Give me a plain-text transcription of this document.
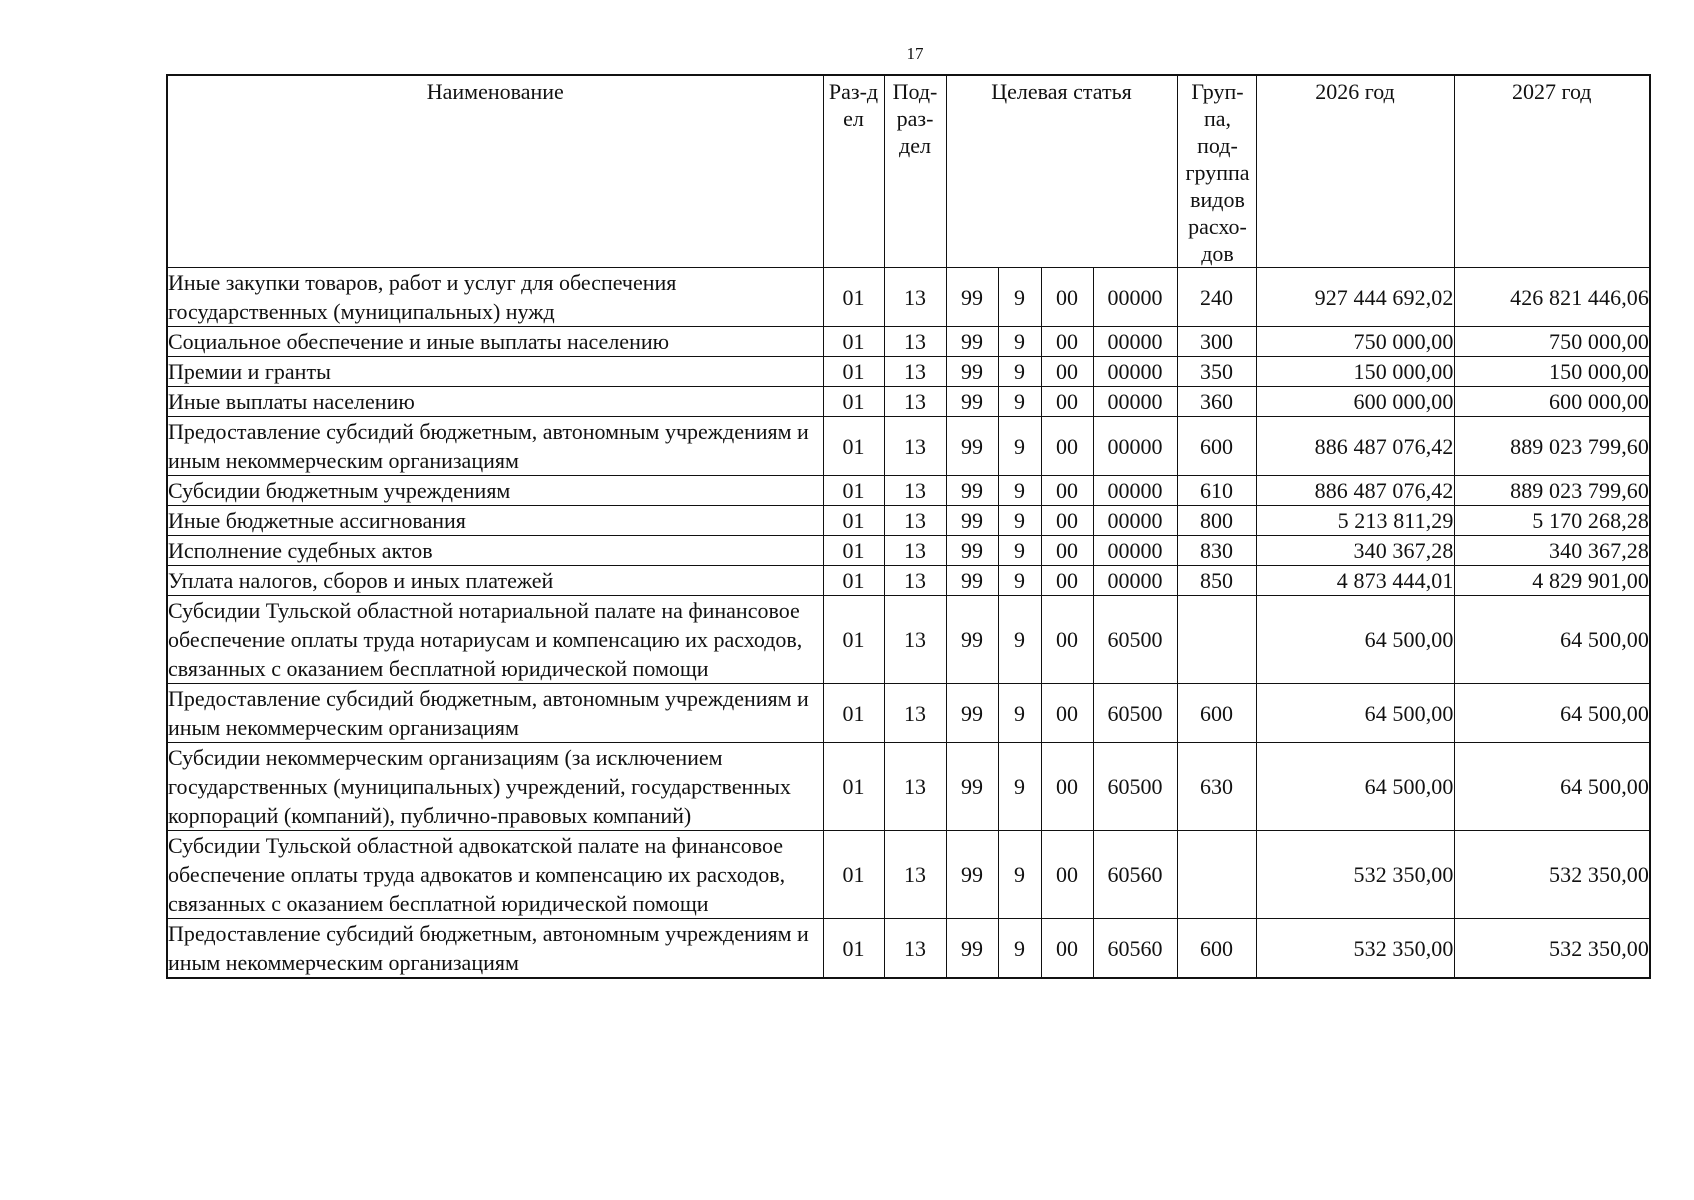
17
Наименование	Раз-дел	Под-раз-дел	Целевая статья				Груп-па, под-группа видов расхо-дов	2026 год	2027 год
Иные закупки товаров, работ и услуг для обеспечения государственных (муниципальных) нужд	01	13	99	9	00	00000	240	927 444 692,02	426 821 446,06
Социальное обеспечение и иные выплаты населению	01	13	99	9	00	00000	300	750 000,00	750 000,00
Премии и гранты	01	13	99	9	00	00000	350	150 000,00	150 000,00
Иные выплаты населению	01	13	99	9	00	00000	360	600 000,00	600 000,00
Предоставление субсидий бюджетным, автономным учреждениям и иным некоммерческим организациям	01	13	99	9	00	00000	600	886 487 076,42	889 023 799,60
Субсидии бюджетным учреждениям	01	13	99	9	00	00000	610	886 487 076,42	889 023 799,60
Иные бюджетные ассигнования	01	13	99	9	00	00000	800	5 213 811,29	5 170 268,28
Исполнение судебных актов	01	13	99	9	00	00000	830	340 367,28	340 367,28
Уплата налогов, сборов и иных платежей	01	13	99	9	00	00000	850	4 873 444,01	4 829 901,00
Субсидии Тульской областной нотариальной палате на финансовое обеспечение оплаты труда нотариусам и компенсацию их расходов, связанных с оказанием бесплатной юридической помощи	01	13	99	9	00	60500		64 500,00	64 500,00
Предоставление субсидий бюджетным, автономным учреждениям и иным некоммерческим организациям	01	13	99	9	00	60500	600	64 500,00	64 500,00
Субсидии некоммерческим организациям (за исключением государственных (муниципальных) учреждений, государственных корпораций (компаний), публично-правовых компаний)	01	13	99	9	00	60500	630	64 500,00	64 500,00
Субсидии Тульской областной адвокатской палате на финансовое обеспечение оплаты труда адвокатов и компенсацию их расходов, связанных с оказанием бесплатной юридической помощи	01	13	99	9	00	60560		532 350,00	532 350,00
Предоставление субсидий бюджетным, автономным учреждениям и иным некоммерческим организациям	01	13	99	9	00	60560	600	532 350,00	532 350,00
